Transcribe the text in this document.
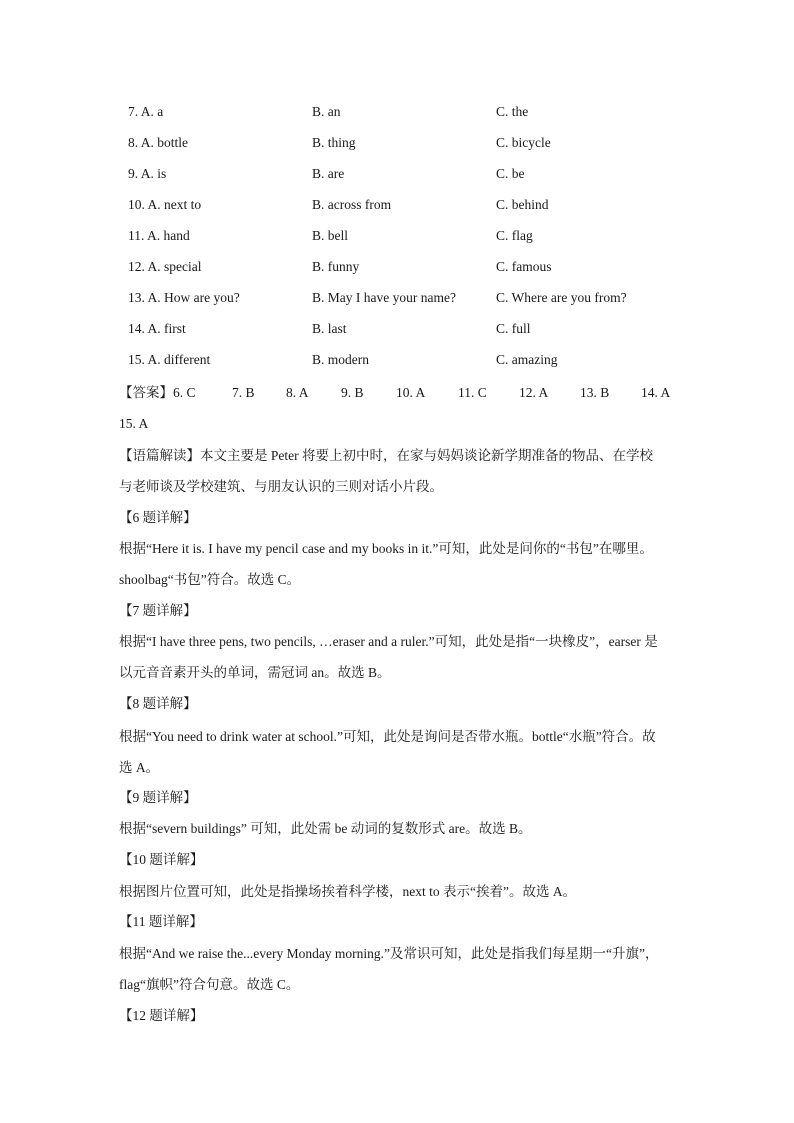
7. A. a	B. an	C. the
8. A. bottle	B. thing	C. bicycle
9. A. is	B. are	C. be
10. A. next to	B. across from	C. behind
11. A. hand	B. bell	C. flag
12. A. special	B. funny	C. famous
13. A. How are you?	B. May I have your name?	C. Where are you from?
14. A. first	B. last	C. full
15. A. different	B. modern	C. amazing
【答案】6. C	7. B 8. A 9. B 10. A 11. C 12. A 13. B 14. A
15. A
【语篇解读】本文主要是 Peter 将要上初中时，在家与妈妈谈论新学期准备的物品、在学校
与老师谈及学校建筑、与朋友认识的三则对话小片段。
【6 题详解】
根据“Here it is. I have my pencil case and my books in it.”可知，此处是问你的“书包”在哪里。
shoolbag“书包”符合。故选 C。
【7 题详解】
根据“I have three pens, two pencils, …eraser and a ruler.”可知，此处是指“一块橡皮”，earser 是
以元音音素开头的单词，需冠词 an。故选 B。
【8 题详解】
根据“You need to drink water at school.”可知，此处是询问是否带水瓶。bottle“水瓶”符合。故
选 A。
【9 题详解】
根据“severn buildings” 可知，此处需 be 动词的复数形式 are。故选 B。
【10 题详解】
根据图片位置可知，此处是指操场挨着科学楼，next to 表示“挨着”。故选 A。
【11 题详解】
根据“And we raise the...every Monday morning.”及常识可知，此处是指我们每星期一“升旗”，
flag“旗帜”符合句意。故选 C。
【12 题详解】
